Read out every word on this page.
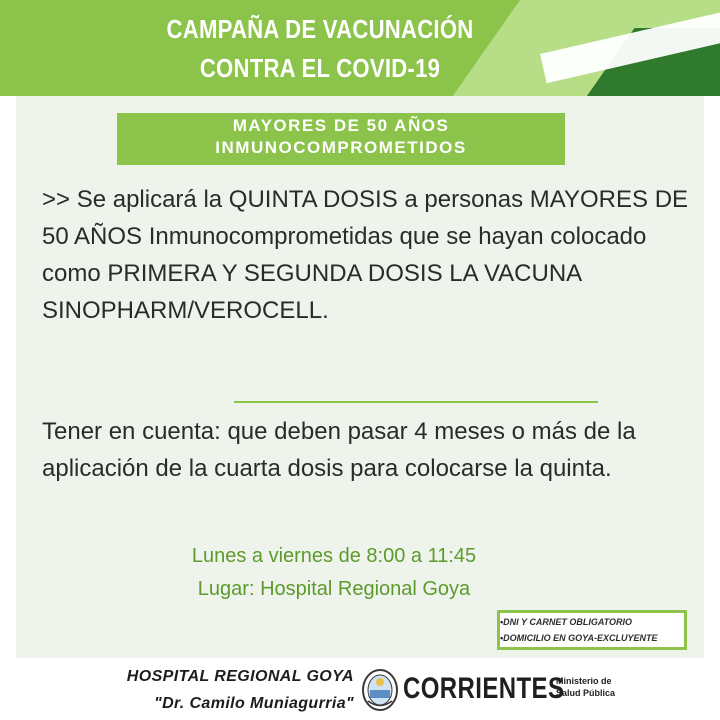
CAMPAÑA DE VACUNACIÓN
CONTRA EL COVID-19
MAYORES DE 50 AÑOS
INMUNOCOMPROMETIDOS

>> Se aplicará la QUINTA DOSIS a personas MAYORES DE 50 AÑOS Inmunocomprometidas que se hayan colocado como PRIMERA Y SEGUNDA DOSIS LA VACUNA SINOPHARM/VEROCELL.

Tener en cuenta: que deben pasar 4 meses o más de la aplicación de la cuarta dosis para colocarse la quinta.

Lunes a viernes de 8:00 a 11:45
Lugar: Hospital Regional Goya
•DNI Y CARNET OBLIGATORIO
•DOMICILIO EN GOYA-EXCLUYENTE
HOSPITAL REGIONAL GOYA
"Dr. Camilo Muniagurria" CORRIENTES
Ministerio de
Salud Pública
